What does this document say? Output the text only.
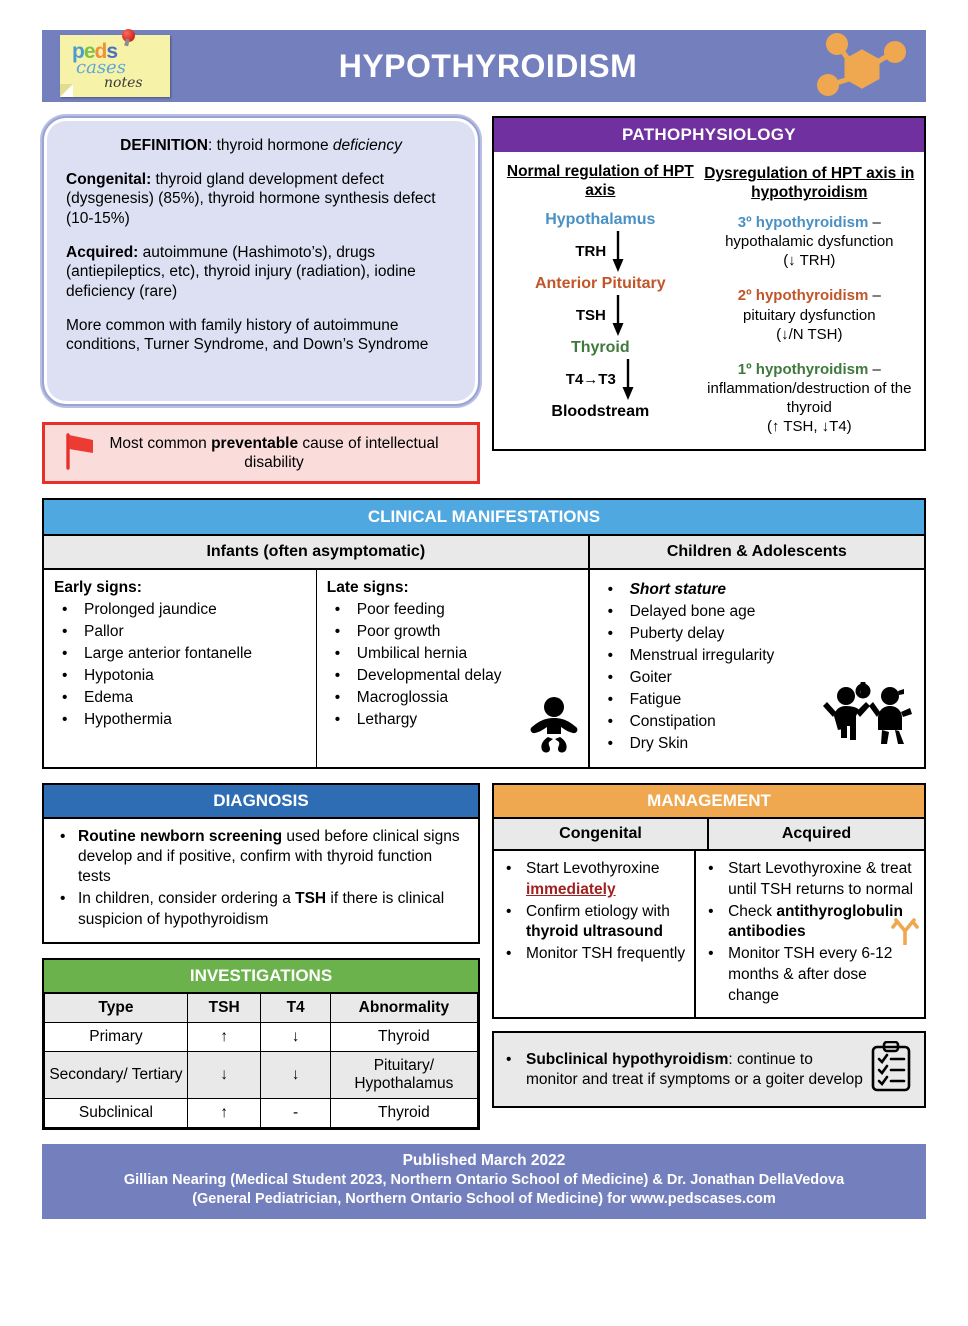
peds
cases
notes	HYPOTHYROIDISM

DEFINITION: thyroid hormone deficiency

Congenital: thyroid gland development defect (dysgenesis) (85%), thyroid hormone synthesis defect (10-15%)

Acquired: autoimmune (Hashimoto’s), drugs (antiepileptics, etc), thyroid injury (radiation), iodine deficiency (rare)

More common with family history of autoimmune conditions, Turner Syndrome, and Down’s Syndrome

Most common preventable cause of intellectual disability
PATHOPHYSIOLOGY
Normal regulation of HPT axis
Hypothalamus
TRH
Anterior Pituitary
TSH
Thyroid
T4→T3
Bloodstream
Dysregulation of HPT axis in hypothyroidism
3º hypothyroidism –
hypothalamic dysfunction
(↓ TRH)
2º hypothyroidism –
pituitary dysfunction
(↓/N TSH)
1º hypothyroidism –
inflammation/destruction of the thyroid
(↑ TSH, ↓T4)
CLINICAL MANIFESTATIONS
Infants (often asymptomatic)	Children & Adolescents
Early signs:
• Prolonged jaundice
• Pallor
• Large anterior fontanelle
• Hypotonia
• Edema
• Hypothermia
Late signs:
• Poor feeding
• Poor growth
• Umbilical hernia
• Developmental delay
• Macroglossia
• Lethargy
• Short stature
• Delayed bone age
• Puberty delay
• Menstrual irregularity
• Goiter
• Fatigue
• Constipation
• Dry Skin
DIAGNOSIS
• Routine newborn screening used before clinical signs develop and if positive, confirm with thyroid function tests
• In children, consider ordering a TSH if there is clinical suspicion of hypothyroidism
INVESTIGATIONS
Type	TSH	T4	Abnormality
Primary	↑	↓	Thyroid
Secondary/ Tertiary	↓	↓	Pituitary/ Hypothalamus
Subclinical	↑	-	Thyroid
MANAGEMENT
Congenital	Acquired
• Start Levothyroxine immediately
• Confirm etiology with thyroid ultrasound
• Monitor TSH frequently
• Start Levothyroxine & treat until TSH returns to normal
• Check antithyroglobulin antibodies
• Monitor TSH every 6-12 months & after dose change
• Subclinical hypothyroidism: continue to monitor and treat if symptoms or a goiter develop
Published March 2022
Gillian Nearing (Medical Student 2023, Northern Ontario School of Medicine) & Dr. Jonathan DellaVedova
(General Pediatrician, Northern Ontario School of Medicine) for www.pedscases.com
